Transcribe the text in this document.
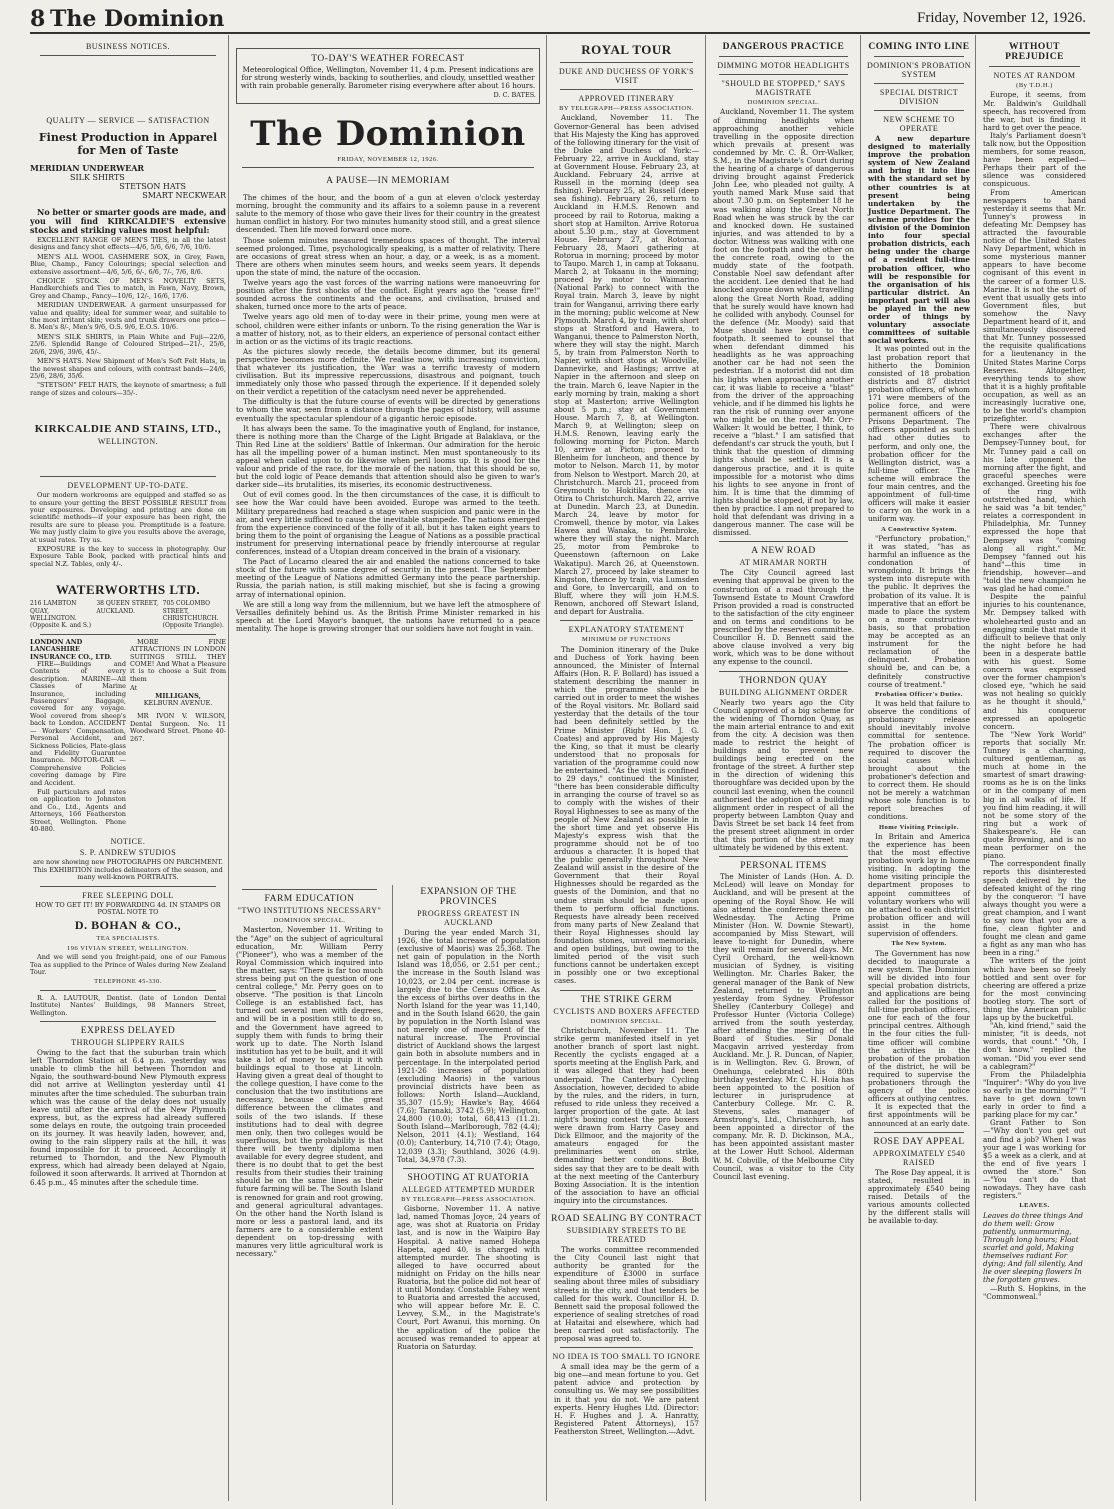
8 The Dominion	Friday, November 12, 1926.
BUSINESS NOTICES.
QUALITY — SERVICE — SATISFACTION
Finest Production in Apparel for Men of Taste
MERIDIAN UNDERWEAR
SILK SHIRTS
STETSON HATS
SMART NECKWEAR

No better or smarter goods are made, and you will find KIRKCALDIE'S extensive stocks and striking values most helpful:

EXCELLENT RANGE OF MEN'S TIES, in all the latest designs and fancy shot effects—4/6, 5/6, 6/6, 7/6, 10/6.

MEN'S ALL WOOL CASHMERE SOX, in Grey, Fawn, Blue, Champ., Fancy Colourings; special selection and extensive assortment—4/6, 5/6, 6/-, 6/6, 7/-, 7/6, 8/6.

CHOICE STOCK OF MEN'S NOVELTY SETS, Handkerchiefs and Ties to match, in Fawn, Navy, Brown, Grey and Champ., Fancy—10/6, 12/-, 16/6, 17/6.

MERIDIAN UNDERWEAR. A garment unsurpassed for value and quality; ideal for summer wear, and suitable to the most irritant skin; vests and trunk drawers one price—8. Men's 8/-, Men's 9/6, O.S. 9/6, E.O.S. 10/6.

MEN'S SILK SHIRTS, in Plain White and Fuji—22/6, 25/6. Splendid Range of Coloured Striped—21/-, 25/6, 26/6, 29/6, 39/6, 45/-.

MEN'S HATS. New Shipment of Men's Soft Felt Hats, in the newest shapes and colours, with contrast bands—24/6, 25/6, 28/6, 35/6.

"STETSON" FELT HATS, the keynote of smartness; a full range of sizes and colours—35/-.

KIRKCALDIE AND STAINS, LTD.,
WELLINGTON.
DEVELOPMENT UP-TO-DATE.

Our modern workrooms are equipped and staffed so as to ensure your getting the BEST POSSIBLE RESULT from your exposures. Developing and printing are done on scientific methods—if your exposure has been right, the results are sure to please you. Promptitude is a feature. We may justly claim to give you results above the average, at usual rates. Try us.

EXPOSURE is the key to success in photography. Our Exposure Table Book, packed with practical hints and special N.Z. Tables, only 4/-.

WATERWORTHS LTD.
216 LAMBTON QUAY, WELLINGTON. (Opposite K. and S.)
38 QUEEN STREET, AUCKLAND.
705 COLOMBO STREET, CHRISTCHURCH. (Opposite Triangle).
LONDON AND LANCASHIRE INSURANCE CO., LTD.

FIRE—Buildings and Contents of every description. MARINE—All Classes of Marine Insurance, including Passengers' Baggage, covered for any voyage. Wool covered from sheep's back to London. ACCIDENT — Workers' Compensation, Personal Accident, and Sickness Policies, Plate-glass and Fidelity Guarantee Insurance. MOTOR-CAR — Comprehensive Policies covering damage by Fire and Accident.

Full particulars and rates on application to Johnston and Co., Ltd., Agents and Attorneys, 166 Featherston Street, Wellington. Phone 40-880.

MORE FINE ATTRACTIONS IN LONDON SUITINGS STILL THEY COME! And What a Pleasure it is to choose a Suit from them

At
MILLIGANS,
KELBURN AVENUE.

MR IVON V. WILSON, Dental Surgeon. No. 11 Woodward Street. Phone 40-267.

NOTICE.
S. P. ANDREW STUDIOS

are now showing new PHOTOGRAPHS ON PARCHMENT. This EXHIBITION includes delineators of the season, and many well-known PORTRAITS.

FREE SLEEPING DOLL

HOW TO GET IT! BY FORWARDING 4d. IN STAMPS OR POSTAL NOTE TO

D. BOHAN & CO.,
TEA SPECIALISTS.
196 VIVIAN STREET, WELLINGTON.

And we will send you freight-paid, one of our Famous Tea as supplied to the Prince of Wales during New Zealand Tour.

TELEPHONE 45-330.

R. A. LAUTOUR, Dentist. (late of London Dental Institute) Nantes' Buildings, 98 Manners Street, Wellington.

EXPRESS DELAYED
THROUGH SLIPPERY RAILS

Owing to the fact that the suburban train which left Thorndon Station at 6.4 p.m. yesterday was unable to climb the hill between Thorndon and Ngaio, the southward-bound New Plymouth express did not arrive at Wellington yesterday until 41 minutes after the time scheduled. The suburban train which was the cause of the delay does not usually leave until after the arrival of the New Plymouth express, but, as the express had already suffered some delays en route, the outgoing train proceeded on its journey. It was heavily laden, however, and, owing to the rain slippery rails at the hill, it was found impossible for it to proceed. Accordingly it returned to Thorndon, and the New Plymouth express, which had already been delayed at Ngaio, followed it soon afterwards. It arrived at Thorndon at 6.45 p.m., 45 minutes after the schedule time.

TO-DAY'S WEATHER FORECAST

Meteorological Office, Wellington, November 11, 4 p.m. Present indications are for strong westerly winds, backing to southerlies, and cloudy, unsettled weather with rain probable generally. Barometer rising everywhere after about 16 hours.

D. C. BATES.
The Dominion
FRIDAY, NOVEMBER 12, 1926.
A PAUSE—IN MEMORIAM

The chimes of the hour, and the boom of a gun at eleven o'clock yesterday morning, brought the community and its affairs to a solemn pause in a reverent salute to the memory of those who gave their lives for their country in the greatest human conflict in history. For two minutes humanity stood still, and a great silence descended. Then life moved forward once more.

Those solemn minutes measured tremendous spaces of thought. The interval seemed prolonged. Time, psychologically speaking, is a matter of relativity. There are occasions of great stress when an hour, a day, or a week, is as a moment. There are others when minutes seem hours, and weeks seem years. It depends upon the state of mind, the nature of the occasion.

Twelve years ago the vast forces of the warring nations were manoeuvring for position after the first shocks of the conflict. Eight years ago the "cease fire!" sounded across the continents and the oceans, and civilisation, bruised and shaken, turned once more to the arts of peace.

Twelve years ago old men of to-day were in their prime, young men were at school, children were either infants or unborn. To the rising generation the War is a matter of history, not, as to their elders, an experience of personal contact either in action or as the victims of its tragic reactions.

As the pictures slowly recede, the details become dimmer, but its general perspective becomes more definite. We realise now, with increasing conviction, that whatever its justification, the War was a terrific travesty of modern civilisation. But its impressive repercussions, disastrous and poignant, touch immediately only those who passed through the experience. If it depended solely on their verdict a repetition of the cataclysm need never be apprehended.

The difficulty is that the future course of events will be directed by generations to whom the war, seen from a distance through the pages of history, will assume eventually the spectacular splendour of a gigantic heroic episode.

It has always been the same. To the imaginative youth of England, for instance, there is nothing more than the Charge of the Light Brigade at Balaklava, or the Thin Red Line at the soldiers' Battle of Inkerman. Our admiration for the heroic has all the impelling power of a human instinct. Men must spontaneously to its appeal when called upon to do likewise when peril looms up. It is good for the valour and pride of the race, for the morale of the nation, that this should be so, but the cold logic of Peace demands that attention should also be given to war's darker side—its brutalities, its miseries, its economic destructiveness.

Out of evil comes good. In the then circumstances of the case, it is difficult to see how the War could have been avoided. Europe was armed to the teeth. Military preparedness had reached a stage when suspicion and panic were in the air, and very little sufficed to cause the inevitable stampede. The nations emerged from the experience convinced of the folly of it all, but it has taken eight years to bring them to the point of organising the League of Nations as a possible practical instrument for preserving international peace by friendly intercourse at regular conferences, instead of a Utopian dream conceived in the brain of a visionary.

The Pact of Locarno cleared the air and enabled the nations concerned to take stock of the future with some degree of security in the present. The September meeting of the League of Nations admitted Germany into the peace partnership. Russia, the pariah nation, is still making mischief, but she is facing a growing array of international opinion.

We are still a long way from the millennium, but we have left the atmosphere of Versailles definitely behind us. As the British Prime Minister remarked in his speech at the Lord Mayor's banquet, the nations have returned to a peace mentality. The hope is growing stronger that our soldiers have not fought in vain.

FARM EDUCATION
"TWO INSTITUTIONS NECESSARY"
DOMINION SPECIAL.

Masterton, November 11. Writing to the "Age" on the subject of agricultural education, Mr. William Perry ("Pioneer"), who was a member of the Royal Commission which inquired into the matter, says: "There is far too much stress being put on the question of one central college," Mr. Perry goes on to observe. "The position is that Lincoln College is an established fact, has turned out several men with degrees, and will be in a position still to do so, and the Government have agreed to supply them with funds to bring their work up to date. The North Island institution has yet to be built, and it will take a lot of money to equip it with buildings equal to those at Lincoln. Having given a great deal of thought to the college question, I have come to the conclusion that the two institutions are necessary, because of the great difference between the climates and soils of the two islands. If these institutions had to deal with degree men only, then two colleges would be superfluous, but the probability is that there will be twenty diploma men available for every degree student, and there is no doubt that to get the best results from their studies their training should be on the same lines as their future farming will be. The South Island is renowned for grain and root growing, and general agricultural advantages. On the other hand the North Island is more or less a pastoral land, and its farmers are to a considerable extent dependent on top-dressing with manures very little agricultural work is necessary."

EXPANSION OF THE PROVINCES
PROGRESS GREATEST IN AUCKLAND

During the year ended March 31, 1926, the total increase of population (exclusive of Maoris) was 25,368. The net gain of population in the North Island was 18,056, or 2.51 per cent.; the increase in the South Island was 10,023, or 2.04 per cent. increase is largely due to the Census Office. As the excess of births over deaths in the North Island for the year was 11,140, and in the South Island 6620, the gain by population in the North Island was not merely one of movement of the natural increase. The Provincial district of Auckland shows the largest gain both in absolute numbers and in percentage. In the interpolated period 1921-26 increases of population (excluding Maoris) in the various provincial districts have been as follows: North Island—Auckland, 35,307 (15.9); Hawke's Bay, 4664 (7.6); Taranaki, 3742 (5.9); Wellington, 24,800 (10.0); total, 68,413 (11.2). South Island—Marlborough, 782 (4.4); Nelson, 2011 (4.1); Westland, 164 (0.0); Canterbury, 14,710 (7.4); Otago, 12,039 (3.3); Southland, 3026 (4.9). Total, 34,978 (7.3).

SHOOTING AT RUATORIA
ALLEGED ATTEMPTED MURDER
BY TELEGRAPH—PRESS ASSOCIATION.

Gisborne, November 11. A native lad, named Thomas Joyce, 24 years of age, was shot at Ruatoria on Friday last, and is now in the Waipiro Bay Hospital. A native named Hohepa Hapeta, aged 40, is charged with attempted murder. The shooting is alleged to have occurred about midnight on Friday on the hills near Ruatoria, but the police did not hear of it until Monday. Constable Fahey went to Ruatoria and arrested the accused, who will appear before Mr. E. C. Levvey, S.M., in the Magistrate's Court, Port Awanui, this morning. On the application of the police the accused was remanded to appear at Ruatoria on Saturday.

ROYAL TOUR
DUKE AND DUCHESS OF YORK'S VISIT
APPROVED ITINERARY
BY TELEGRAPH—PRESS ASSOCIATION.

Auckland, November 11. The Governor-General has been advised that His Majesty the King has approved of the following itinerary for the visit of the Duke and Duchess of York:— February 22, arrive in Auckland, stay at Government House. February 23, at Auckland. February 24, arrive at Russell in the morning (deep sea fishing). February 25, at Russell (deep sea fishing). February 26, return to Auckland in H.M.S. Renown and proceed by rail to Rotorua, making a short stop at Hamilton. Arrive Rotorua about 5.30 p.m., stay at Government House. February 27, at Rotorua. February 28, Maori gathering at Rotorua in morning; proceed by motor to Taupo. March 1, in camp at Tokaanu. March 2, at Tokaanu in the morning; proceed by motor to Waimarino (National Park) to connect with the Royal train. March 3, leave by night train for Wanganui, arriving there early in the morning; public welcome at New Plymouth. March 4, by train, with short stops at Stratford and Hawera, to Wanganui, thence to Palmerston North, where they will stay the night. March 5, by train from Palmerston North to Napier, with short stops at Woodville, Dannevirke, and Hastings; arrive at Napier in the afternoon and sleep on the train. March 6, leave Napier in the early morning by train, making a short stop at Masterton; arrive Wellington about 5 p.m.; stay at Government House. March 7, 8, at Wellington. March 9, at Wellington; sleep on H.M.S. Renown, leaving early the following morning for Picton. March 10, arrive at Picton; proceed to Blenheim for luncheon, and thence by motor to Nelson. March 11, by motor from Nelson to Westport. March 20, at Christchurch. March 21, proceed from Greymouth to Hokitika, thence via Otira to Christchurch. March 22, arrive at Dunedin. March 23, at Dunedin. March 24, leave by motor for Cromwell, thence by motor, via Lakes Hawea and Wanaka, to Pembroke, where they will stay the night. March 25, motor from Pembroke to Queenstown (afternoon on Lake Wakatipu). March 26, at Queenstown. March 27, proceed by lake steamer to Kingston, thence by train, via Lumsden and Gore, to Invercargill, and on to Bluff, where they will join H.M.S. Renown, anchored off Stewart Island, and depart for Australia.

EXPLANATORY STATEMENT
MINIMUM OF FUNCTIONS

The Dominion itinerary of the Duke and Duchess of York having been announced, the Minister of Internal Affairs (Hon. R. F. Bollard) has issued a statement describing the manner in which the programme should be carried out in order to meet the wishes of the Royal visitors. Mr. Bollard said yesterday that the details of the tour had been definitely settled by the Prime Minister (Right Hon. J. G. Coates) and approved by His Majesty the King, so that it must be clearly understood that no proposals for variation of the programme could now be entertained. "As the visit is confined to 29 days," continued the Minister, "there has been considerable difficulty in arranging the course of travel so as to comply with the wishes of their Royal Highnesses to see as many of the people of New Zealand as possible in the short time and yet observe His Majesty's express wish that the programme should not be of too arduous a character. It is hoped that the public generally throughout New Zealand will assist in the desire of the Government that their Royal Highnesses should be regarded as the guests of the Dominion, and that no undue strain should be made upon them to perform official functions. Requests have already been received from many parts of New Zealand that their Royal Highnesses should lay foundation stones, unveil memorials, and open buildings, but owing to the limited period of the visit such functions cannot be undertaken except in possibly one or two exceptional cases.

THE STRIKE GERM
CYCLISTS AND BOXERS AFFECTED
DOMINION SPECIAL.
Christchurch, November 11. The strike germ manifested itself in yet another branch of sport last night. Recently the cyclists engaged at a sports meeting at the English Park, and it was alleged that they had been underpaid. The Canterbury Cycling Association, however, decided to abide by the rules, and the riders, in turn, refused to ride unless they received a larger proportion of the gate. At last night's boxing contest the pro boxers were drawn from Harry Casey and Dick Ellmoor, and the majority of the amateurs engaged for the preliminaries went on strike, demanding better conditions. Both sides say that they are to be dealt with at the next meeting of the Canterbury Boxing Association. It is the intention of the association to have an official inquiry into the circumstances.
ROAD SEALING BY CONTRACT
SUBSIDIARY STREETS TO BE TREATED
The works committee recommended the City Council last night that authority be granted for the expenditure of £3000 in surface sealing about three miles of subsidiary streets in the city, and that tenders be called for this work. Councillor H. D. Bennett said the proposal followed the experience of sealing stretches of road at Hataitai and elsewhere, which had been carried out satisfactorily. The proposal was agreed to.
NO IDEA IS TOO SMALL TO IGNORE
A small idea may be the germ of a big one—and mean fortune to you. Get patent advice and protection by consulting us. We may see possibilities in it that you do not. We are patent experts. Henry Hughes Ltd. (Director: H. F. Hughes and J. A. Hanratty, Registered Patent Attorneys), 157 Featherston Street, Wellington.—Advt.
DANGEROUS PRACTICE
DIMMING MOTOR HEADLIGHTS
"SHOULD BE STOPPED," SAYS MAGISTRATE
DOMINION SPECIAL.

Auckland, November 11. The system of dimming headlights when approaching another vehicle travelling in the opposite direction which prevails at present was condemned by Mr. C. R. Orr-Walker, S.M., in the Magistrate's Court during the hearing of a charge of dangerous driving brought against Frederick John Lee, who pleaded not guilty. A youth named Mark Muse said that about 7.30 p.m. on September 18 he was walking along the Great North Road when he was struck by the car and knocked down. He sustained injuries, and was attended to by a doctor. Witness was walking with one foot on the footpath and the other on the concrete road, owing to the muddy state of the footpath. Constable Noel saw defendant after the accident. Lee denied that he had knocked anyone down while travelling along the Great North Road, adding that he surely would have known had he collided with anybody. Counsel for the defence (Mr. Moody) said that Muse should have kept to the footpath. It seemed to counsel that when defendant dimmed his headlights as he was approaching another car he had not seen the pedestrian. If a motorist did not dim his lights when approaching another car, it was liable to receive a "blast" from the driver of the approaching vehicle, and if he dimmed his lights he ran the risk of running over anyone who might be on the road. Mr. Orr-Walker: It would be better, I think, to receive a "blast." I am satisfied that defendant's car struck the youth, but I think that the question of dimming lights should be settled. It is a dangerous practice, and it is quite impossible for a motorist who dims his lights to see anyone in front of him. It is time that the dimming of lights should be stopped, if not by law, then by practice. I am not prepared to hold that defendant was driving in a dangerous manner. The case will be dismissed.

A NEW ROAD
AT MIRAMAR NORTH

The City Council agreed last evening that approval be given to the construction of a road through the Townsend Estate to Mount Crawford Prison provided a road is constructed to the satisfaction of the city engineer and on terms and conditions to be prescribed by the reserves committee. Councillor H. D. Bennett said the above clause involved a very big work, which was to be done without any expense to the council.

THORNDON QUAY
BUILDING ALIGNMENT ORDER

Nearly two years ago the City Council approved of a big scheme for the widening of Thorndon Quay, as the main arterial entrance to and exit from the city. A decision was then made to restrict the height of buildings and to prevent new buildings being erected on the frontage of the street. A further step in the direction of widening this thoroughfare was decided upon by the council last evening, when the council authorised the adoption of a building alignment order in respect of all the property between Lambton Quay and Davis Street be set back 14 feet from the present street alignment in order that this portion of the street may ultimately be widened by this extent.

PERSONAL ITEMS

The Minister of Lands (Hon. A. D. McLeod) will leave on Monday for Auckland, and will be present at the opening of the Royal Show. He will also attend the conference there on Wednesday. The Acting Prime Minister (Hon. W. Downie Stewart), accompanied by Miss Stewart, will leave to-night for Dunedin, where they will remain for several days. Mr. Cyril Orchard, the well-known musician of Sydney, is visiting Wellington. Mr. Charles Baker, the general manager of the Bank of New Zealand, returned to Wellington yesterday from Sydney. Professor Shelley (Canterbury College) and Professor Hunter (Victoria College) arrived from the south yesterday, after attending the meeting of the Board of Studies. Sir Donald Macgavin arrived yesterday from Auckland. Mr. J. R. Duncan, of Napier, is in Wellington. Rev. G. Brown, of Onehunga, celebrated his 80th birthday yesterday. Mr. C. H. Hoia has been appointed to the position of lecturer in jurisprudence at Canterbury College. Mr. C. R. Stevens, sales manager of Armstrong's, Ltd., Christchurch, has been appointed a director of the company. Mr. R. D. Dickinson, M.A., has been appointed assistant master at the Lower Hutt School. Alderman W. M. Cobville, of the Melbourne City Council, was a visitor to the City Council last evening.

COMING INTO LINE
DOMINION'S PROBATION SYSTEM
SPECIAL DISTRICT DIVISION
NEW SCHEME TO OPERATE

A new departure designed to materially improve the probation system of New Zealand and bring it into line with the standard set by other countries is at present being undertaken by the Justice Department. The scheme provides for the division of the Dominion into four special probation districts, each being under the charge of a resident full-time probation officer, who will be responsible for the organisation of his particular district. An important part will also be played in the new order of things by voluntary associate committees of suitable social workers.

It was pointed out in the last probation report that hitherto the Dominion consisted of 18 probation districts and 87 district probation officers, of whom 171 were members of the police force, and were permanent officers of the Prisons Department. The officers appointed as such had other duties to perform, and only one, the probation officer for the Wellington district, was a full-time officer. The scheme will embrace the four main centres, and the appointment of full-time officers will make it easier to carry on the work in a uniform way.

A Constructive System.

"Perfunctory probation," it was stated, "has as harmful an influence as the condonation of wrongdoing. It brings the system into disrepute with the public. It deprives the probation of its value. It is imperative that an effort be made to place the system on a more constructive basis, so that probation may be accepted as an instrument for the reclamation of the delinquent. Probation should be, and can be, a definitely constructive course of treatment."

Probation Officer's Duties.

It was held that failure to observe the conditions of probationary release should inevitably involve committal for sentence. The probation officer is required to discover the social causes which brought about the probationer's defection and to correct them. He should not be merely a watchman whose sole function is to report breaches of conditions.

Home Visiting Principle.

In Britain and America the experience has been that the most effective probation work lay in home visiting. In adopting the home visiting principle the department proposes to appoint committees of voluntary workers who will be attached to each district probation officer and will assist in the home supervision of offenders.

The New System.

The Government has now decided to inaugurate a new system. The Dominion will be divided into four special probation districts, and applications are being called for the positions of full-time probation officers, one for each of the four principal centres. Although in the four cities the full-time officer will combine the activities in the probation of the probation of the district, he will be required to supervise the probationers through the agency of the police officers at outlying centres.

It is expected that the first appointments will be announced at an early date.

ROSE DAY APPEAL
APPROXIMATELY £540 RAISED

The Rose Day appeal, it is stated, resulted in approximately £540 being raised. Details of the various amounts collected by the different stalls will be available to-day.

WITHOUT PREJUDICE
NOTES AT RANDOM
(By T.D.H.)

Europe, it seems, from Mr. Baldwin's Guildhall speech, has recovered from the war, but is finding it hard to get over the peace.

Italy's Parliament doesn't talk now, but the Opposition members, for some reason, have been expelled—Perhaps their part of the silence was considered conspicuous.

From American newspapers to hand yesterday it seems that Mr. Tunney's prowess in defeating Mr. Dempsey has attracted the favourable notice of the United States Navy Department, which in some mysterious manner appears to have become cognisant of this event in the career of a former U.S. Marine. It is not the sort of event that usually gets into Government files, but somehow the Navy Department heard of it, and simultaneously discovered that Mr. Tunney possessed the requisite qualifications for a lieutenancy in the United States Marine Corps Reserves. Altogether, everything tends to show that it is a highly profitable occupation, as well as an increasingly lucrative one, to be the world's champion prizefighter.

There were chivalrous exchanges after the Dempsey-Tunney bout, for Mr. Tunney paid a call on his late opponent the morning after the fight, and graceful speeches were exchanged. Greeting his foe of the ring with outstretched hand, which he said was "a bit tender," relates a correspondent in Philadelphia, Mr. Tunney expressed the hope that Dempsey was "coming along all right." Mr. Dempsey "fanned out his hand"—this time in friendship, however—and "told the new champion he was glad he had come."

Despite the painful injuries to his countenance, Mr. Dempsey talked with wholehearted gusto and an engaging smile that made it difficult to believe that only the night before he had been in a desperate battle with his guest. Some concern was expressed over the former champion's closed eye, "which he said was not healing so quickly as he thought it should," and his conqueror expressed an apologetic concern.

The "New York World" reports that socially Mr. Tunney is a charming, cultured gentleman, as much at home in the smartest of smart drawing-rooms as he is on the links or in the company of men big in all walks of life. If you find him reading, it will not be some story of the ring but a work of Shakespeare's. He can quote Browning, and is no mean performer on the piano.

The correspondent finally reports this disinterested speech delivered by the defeated knight of the ring by the conqueror: "I have always thought you were a great champion, and I want to say now that you are a fine, clean fighter and fought me clean and game a fight as any man who has been in a ring."

The writers of the joint which have been so freely bottled and sent over for cheering are offered a prize for the most convincing bootleg story. The sort of thing the American public laps up by the bucketful.

"Ah, kind friend," said the minister, "it is deeds, not words, that count." "Oh, I don't know," replied the woman. "Did you ever send a cablegram?"

From the Philadelphia "Inquirer": "Why do you live so early in the morning?" "I have to get down town early in order to find a parking place for my car."

Grant Father to Son—"Why don't you get out and find a job? When I was your age I was working for $5 a week as a clerk, and at the end of five years I owned the store." Son—"You can't do that nowadays. They have cash registers."

LEAVES.

Leaves do three things And do them well: Grow patiently, unmurmuring, Through long hours; Float scarlet and gold, Making themselves radiant For dying; And fall silently, And lie over sleeping flowers In the forgotten graves.

—Ruth S. Hopkins, in the "Commonweal."
